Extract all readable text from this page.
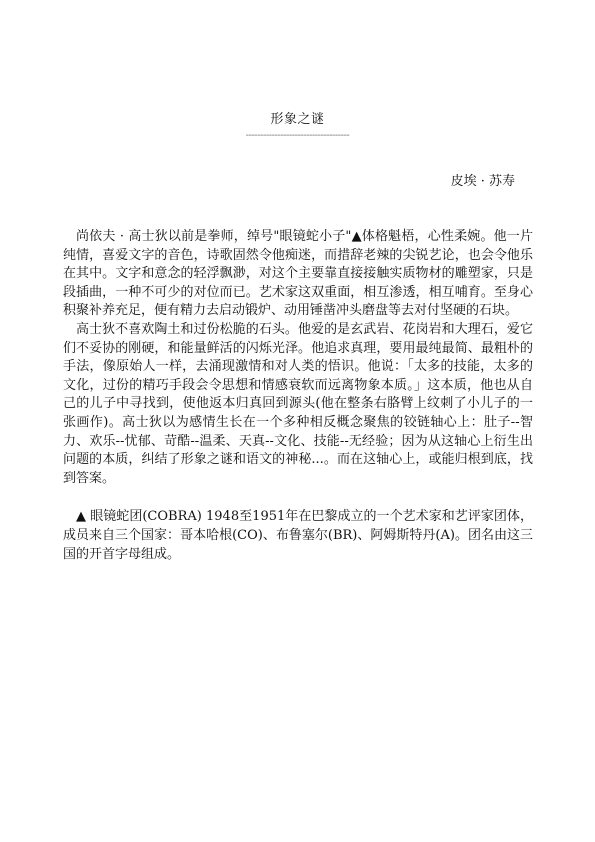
形象之谜
------------------------------------
皮埃 · 苏寿

尚依夫 · 高士狄以前是拳师，绰号"眼镜蛇小子"▲体格魁梧，心性柔婉。他一片纯情，喜爱文字的音色，诗歌固然令他痴迷，而措辞老辣的尖锐艺论，也会令他乐在其中。文字和意念的轻浮飘渺，对这个主要靠直接接触实质物材的雕塑家，只是段插曲，一种不可少的对位而已。艺术家这双重面，相互渗透，相互哺育。至身心积聚补养充足，便有精力去启动锻炉、动用锤凿冲头磨盘等去对付坚硬的石块。

高士狄不喜欢陶土和过份松脆的石头。他爱的是玄武岩、花岗岩和大理石，爱它们不妥协的刚硬，和能量鲜活的闪烁光泽。他追求真理，要用最纯最简、最粗朴的手法，像原始人一样，去涌现激情和对人类的悟识。他说：「太多的技能，太多的文化，过份的精巧手段会令思想和情感衰软而远离物象本质。」这本质，他也从自己的儿子中寻找到，使他返本归真回到源头(他在整条右胳臂上纹刺了小儿子的一张画作)。高士狄以为感情生长在一个多种相反概念聚焦的铰链轴心上：肚子--智力、欢乐--忧郁、苛酷--温柔、天真--文化、技能--无经验；因为从这轴心上衍生出问题的本质，纠结了形象之谜和语文的神秘...。而在这轴心上，或能归根到底，找到答案。

▲ 眼镜蛇团(COBRA) 1948至1951年在巴黎成立的一个艺术家和艺评家团体，成员来自三个国家：哥本哈根(CO)、布鲁塞尔(BR)、阿姆斯特丹(A)。团名由这三国的开首字母组成。
